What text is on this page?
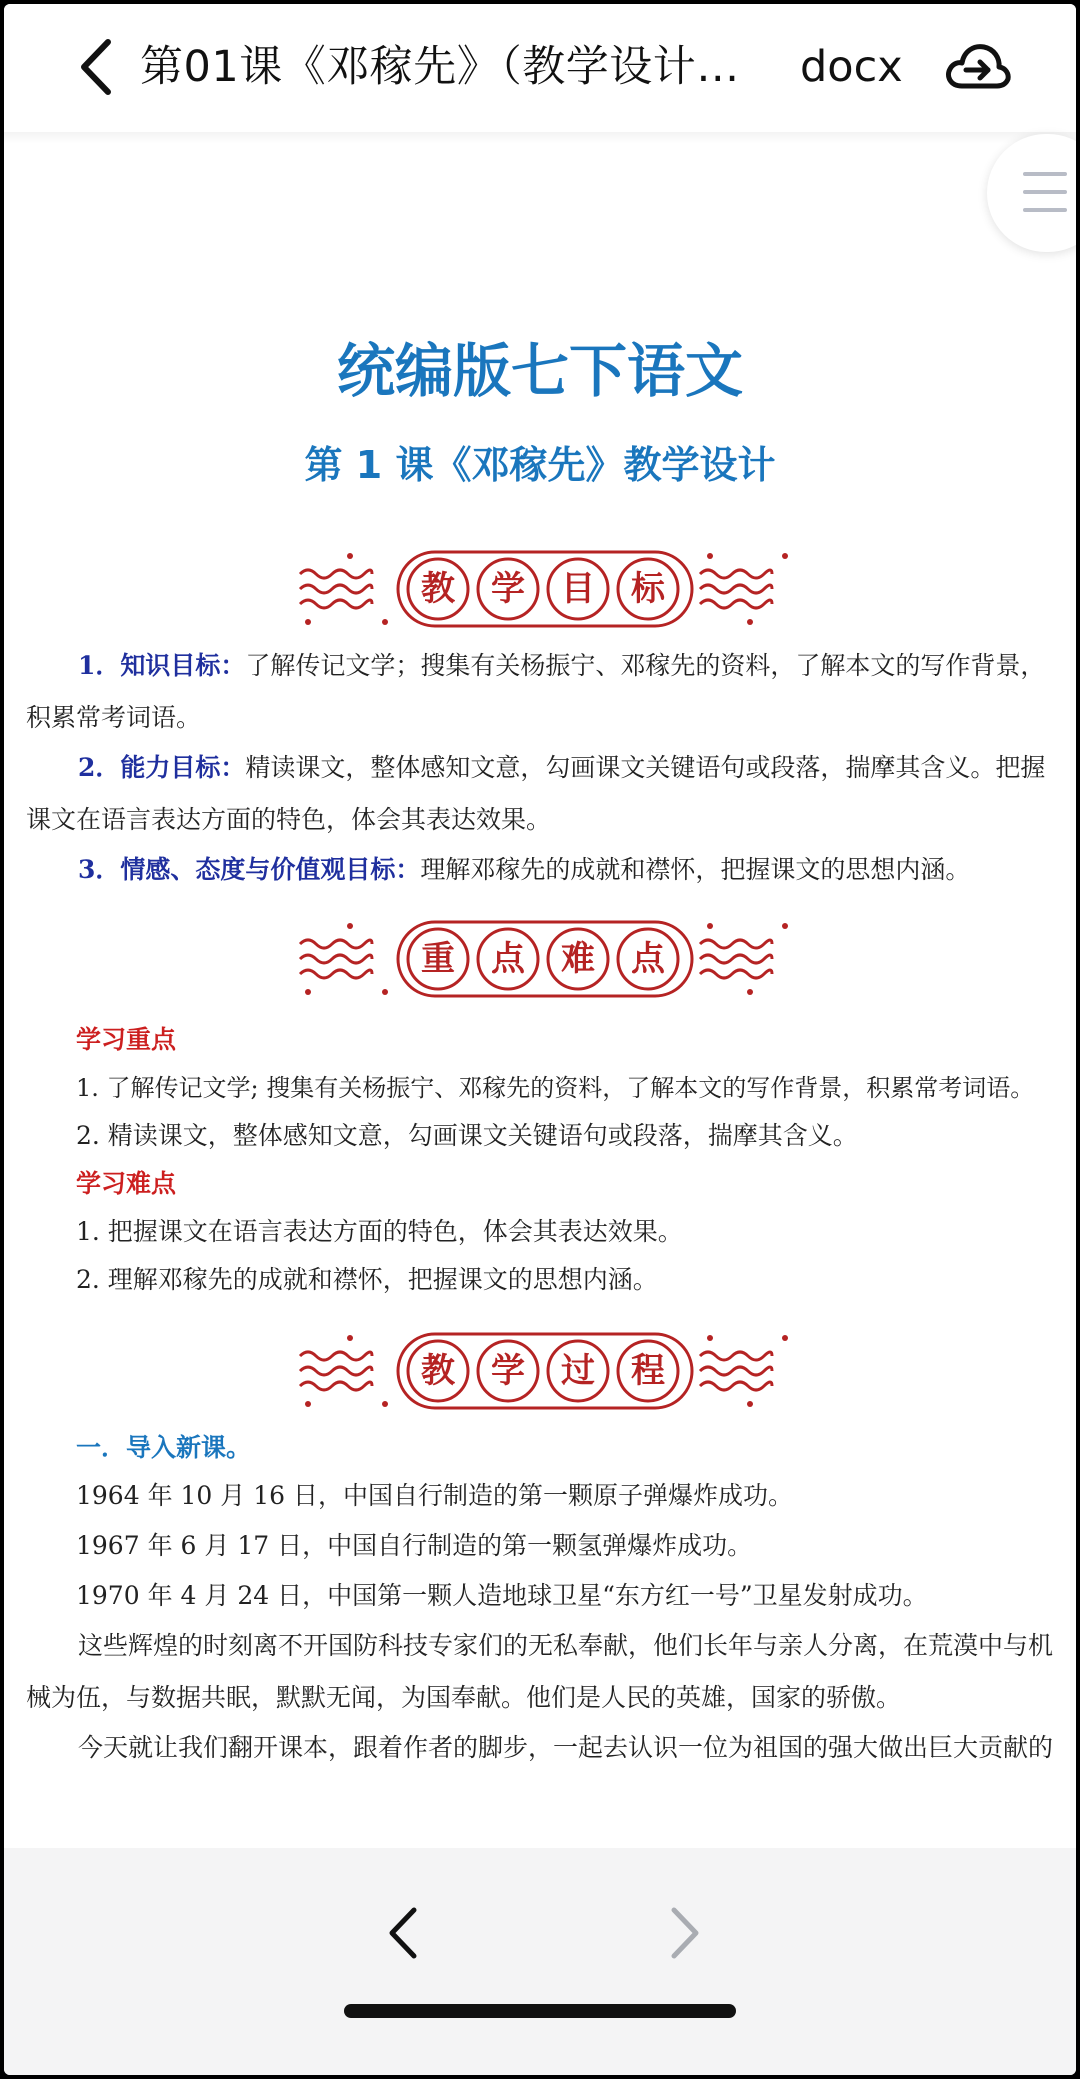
第01课《邓稼先》（教学设计… docx
统编版七下语文
第 1 课《邓稼先》教学设计
教	学	目	标
1．知识目标：了解传记文学；搜集有关杨振宁、邓稼先的资料，了解本文的写作背景，积累常考词语。
2．能力目标：精读课文，整体感知文意，勾画课文关键语句或段落，揣摩其含义。把握课文在语言表达方面的特色，体会其表达效果。
3．情感、态度与价值观目标：理解邓稼先的成就和襟怀，把握课文的思想内涵。
重	点	难	点
学习重点
1. 了解传记文学; 搜集有关杨振宁、邓稼先的资料，了解本文的写作背景，积累常考词语。
2. 精读课文，整体感知文意，勾画课文关键语句或段落，揣摩其含义。
学习难点
1. 把握课文在语言表达方面的特色，体会其表达效果。
2. 理解邓稼先的成就和襟怀，把握课文的思想内涵。
教	学	过	程
一．导入新课。
1964 年 10 月 16 日，中国自行制造的第一颗原子弹爆炸成功。
1967 年 6 月 17 日，中国自行制造的第一颗氢弹爆炸成功。
1970 年 4 月 24 日，中国第一颗人造地球卫星“东方红一号”卫星发射成功。
这些辉煌的时刻离不开国防科技专家们的无私奉献，他们长年与亲人分离，在荒漠中与机械为伍，与数据共眠，默默无闻，为国奉献。他们是人民的英雄，国家的骄傲。
今天就让我们翻开课本，跟着作者的脚步，一起去认识一位为祖国的强大做出巨大贡献的
